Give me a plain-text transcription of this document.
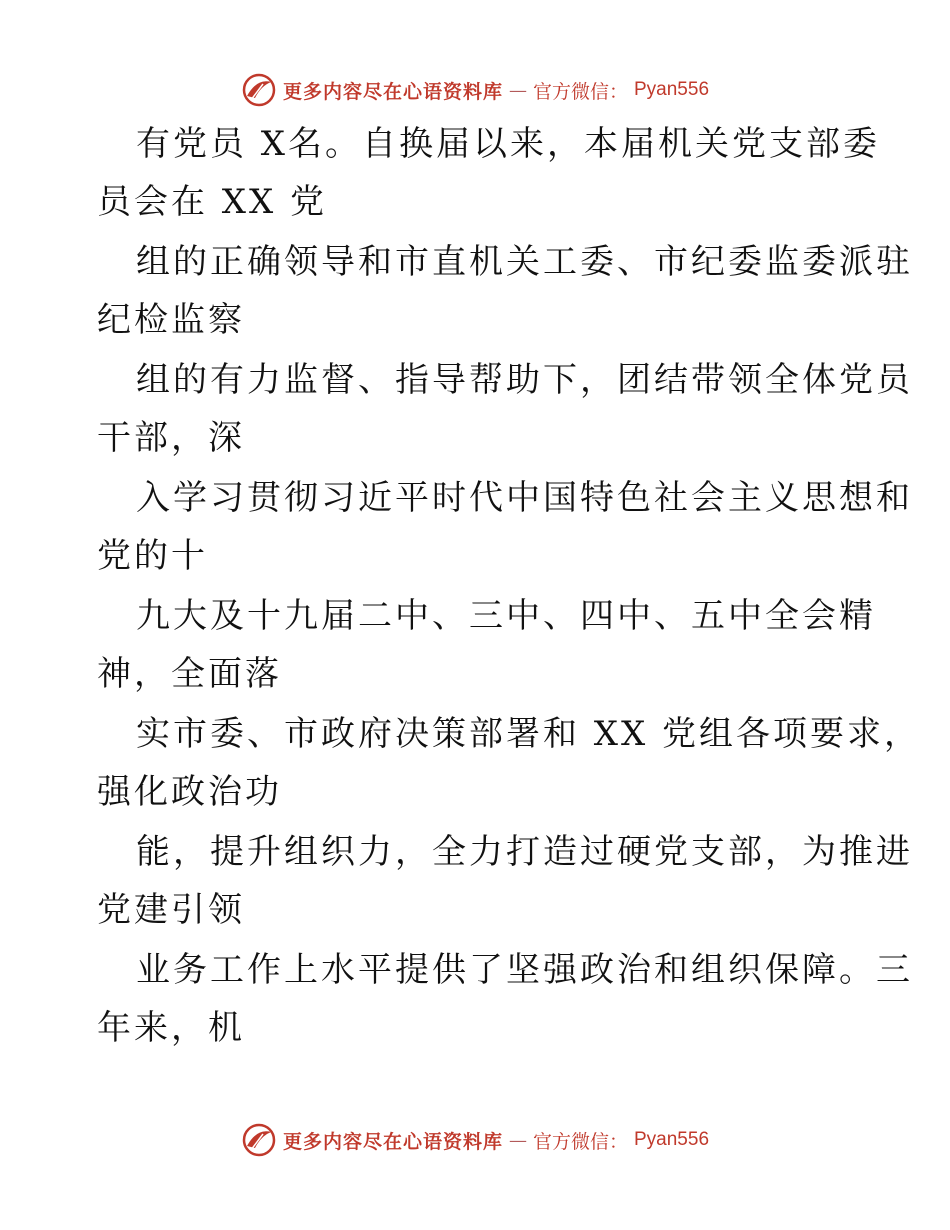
更多内容尽在心语资料库 — 官方微信： Pyan556
有党员 X名。自换届以来，本届机关党支部委
员会在 XX 党
组的正确领导和市直机关工委、市纪委监委派驻
纪检监察
组的有力监督、指导帮助下，团结带领全体党员
干部，深
入学习贯彻习近平时代中国特色社会主义思想和
党的十
九大及十九届二中、三中、四中、五中全会精
神，全面落
实市委、市政府决策部署和 XX 党组各项要求，
强化政治功
能，提升组织力，全力打造过硬党支部，为推进
党建引领
业务工作上水平提供了坚强政治和组织保障。三
年来，机
更多内容尽在心语资料库 — 官方微信： Pyan556
